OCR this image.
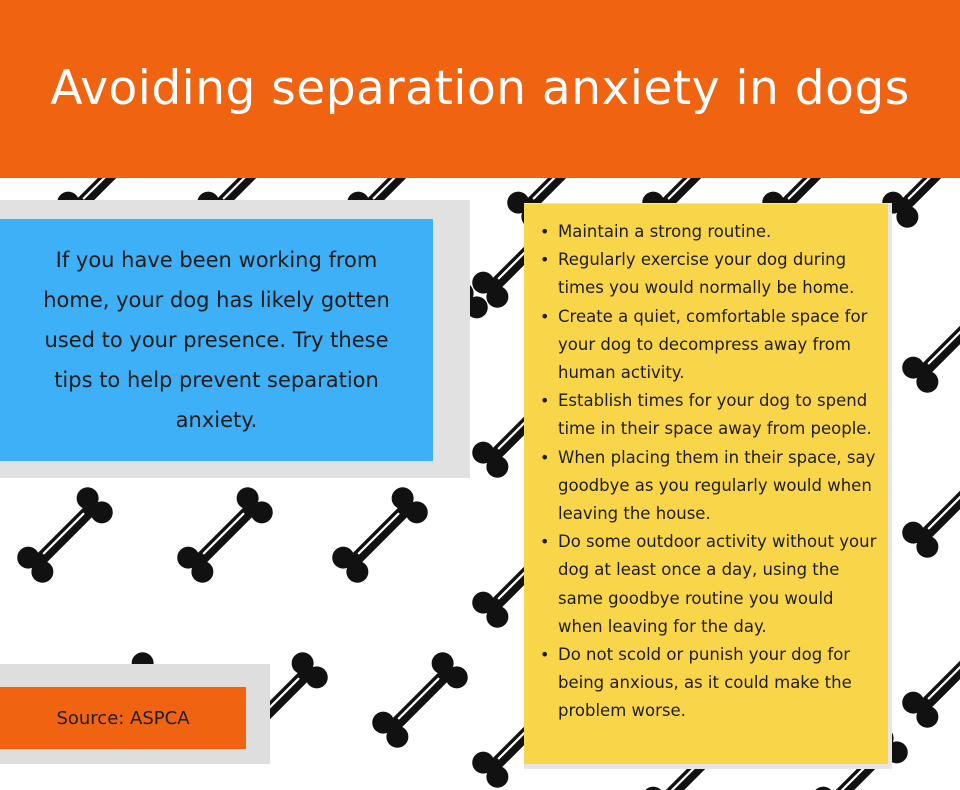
Avoiding separation anxiety in dogs

If you have been working from home, your dog has likely gotten used to your presence. Try these tips to help prevent separation anxiety.

• Maintain a strong routine.
• Regularly exercise your dog during times you would normally be home.
• Create a quiet, comfortable space for your dog to decompress away from human activity.
• Establish times for your dog to spend time in their space away from people.
• When placing them in their space, say goodbye as you regularly would when leaving the house.
• Do some outdoor activity without your dog at least once a day, using the same goodbye routine you would when leaving for the day.
• Do not scold or punish your dog for being anxious, as it could make the problem worse.
Source: ASPCA
